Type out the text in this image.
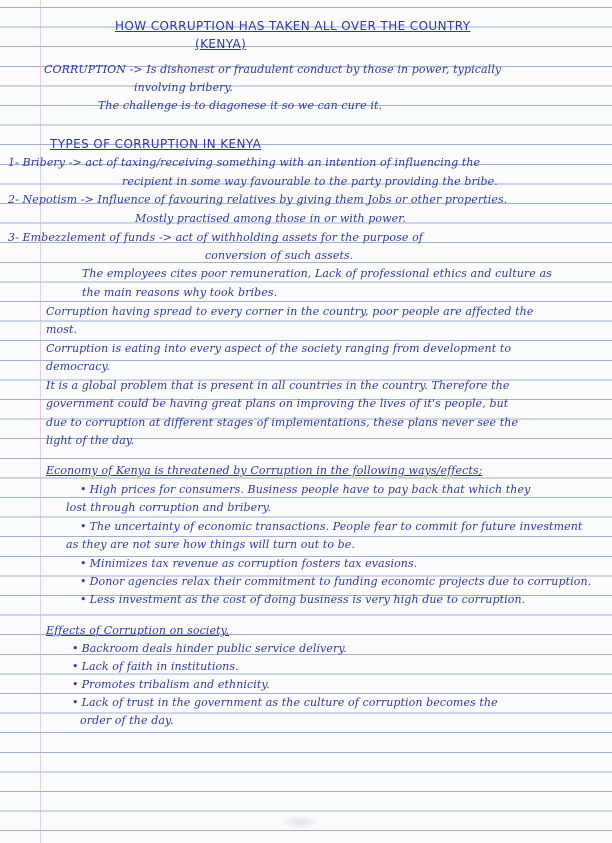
HOW CORRUPTION HAS TAKEN ALL OVER THE COUNTRY
(KENYA)
CORRUPTION -> Is dishonest or fraudulent conduct by those in power, typically
involving bribery.
The challenge is to diagonese it so we can cure it.
TYPES OF CORRUPTION IN KENYA
1- Bribery -> act of taxing/receiving something with an intention of influencing the
recipient in some way favourable to the party providing the bribe.
2- Nepotism -> Influence of favouring relatives by giving them Jobs or other properties.
Mostly practised among those in or with power.
3- Embezzlement of funds -> act of withholding assets for the purpose of
conversion of such assets.
The employees cites poor remuneration, Lack of professional ethics and culture as
the main reasons why took bribes.
Corruption having spread to every corner in the country, poor people are affected the
most.
Corruption is eating into every aspect of the society ranging from development to
democracy.
It is a global problem that is present in all countries in the country. Therefore the
government could be having great plans on improving the lives of it's people, but
due to corruption at different stages of implementations, these plans never see the
light of the day.
Economy of Kenya is threatened by Corruption in the following ways/effects;
• High prices for consumers. Business people have to pay back that which they
lost through corruption and bribery.
• The uncertainty of economic transactions. People fear to commit for future investment
as they are not sure how things will turn out to be.
• Minimizes tax revenue as corruption fosters tax evasions.
• Donor agencies relax their commitment to funding economic projects due to corruption.
• Less investment as the cost of doing business is very high due to corruption.
Effects of Corruption on society.
• Backroom deals hinder public service delivery.
• Lack of faith in institutions.
• Promotes tribalism and ethnicity.
• Lack of trust in the government as the culture of corruption becomes the
order of the day.
